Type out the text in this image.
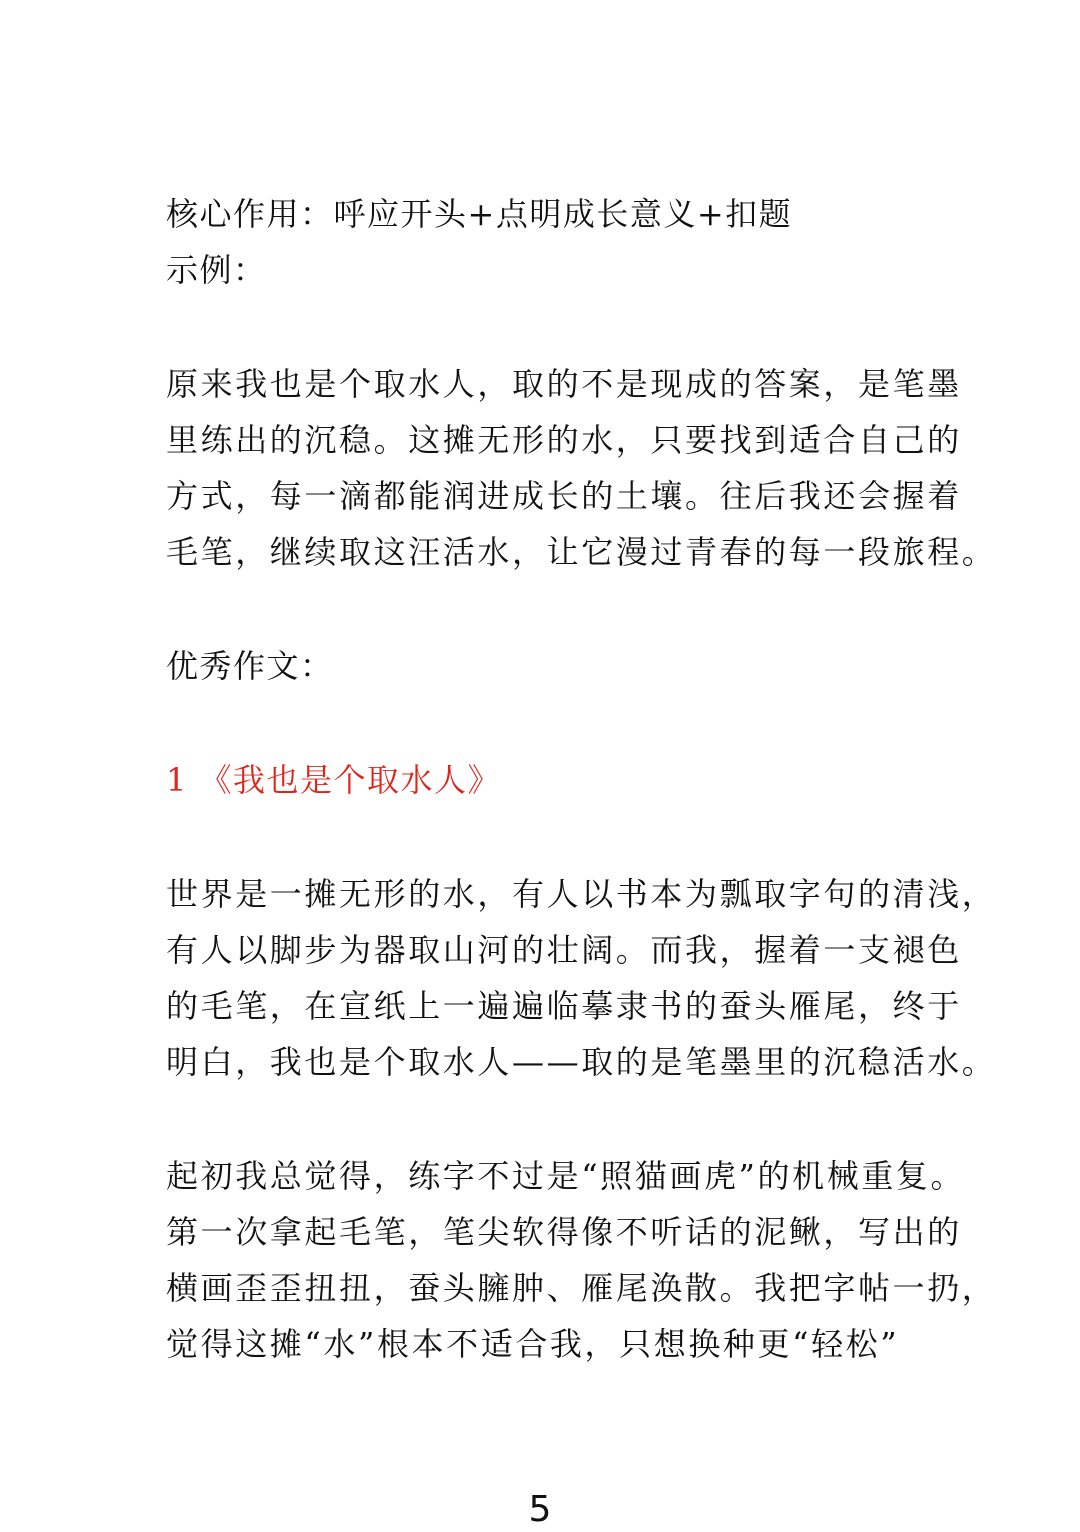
核心作用：呼应开头+点明成长意义+扣题
示例：
原来我也是个取水人，取的不是现成的答案，是笔墨
里练出的沉稳。这摊无形的水，只要找到适合自己的
方式，每一滴都能润进成长的土壤。往后我还会握着
毛笔，继续取这汪活水，让它漫过青春的每一段旅程。
优秀作文：
1 《我也是个取水人》
世界是一摊无形的水，有人以书本为瓢取字句的清浅，
有人以脚步为器取山河的壮阔。而我，握着一支褪色
的毛笔，在宣纸上一遍遍临摹隶书的蚕头雁尾，终于
明白，我也是个取水人——取的是笔墨里的沉稳活水。
起初我总觉得，练字不过是“照猫画虎”的机械重复。
第一次拿起毛笔，笔尖软得像不听话的泥鳅，写出的
横画歪歪扭扭，蚕头臃肿、雁尾涣散。我把字帖一扔，
觉得这摊“水”根本不适合我，只想换种更“轻松”
5
